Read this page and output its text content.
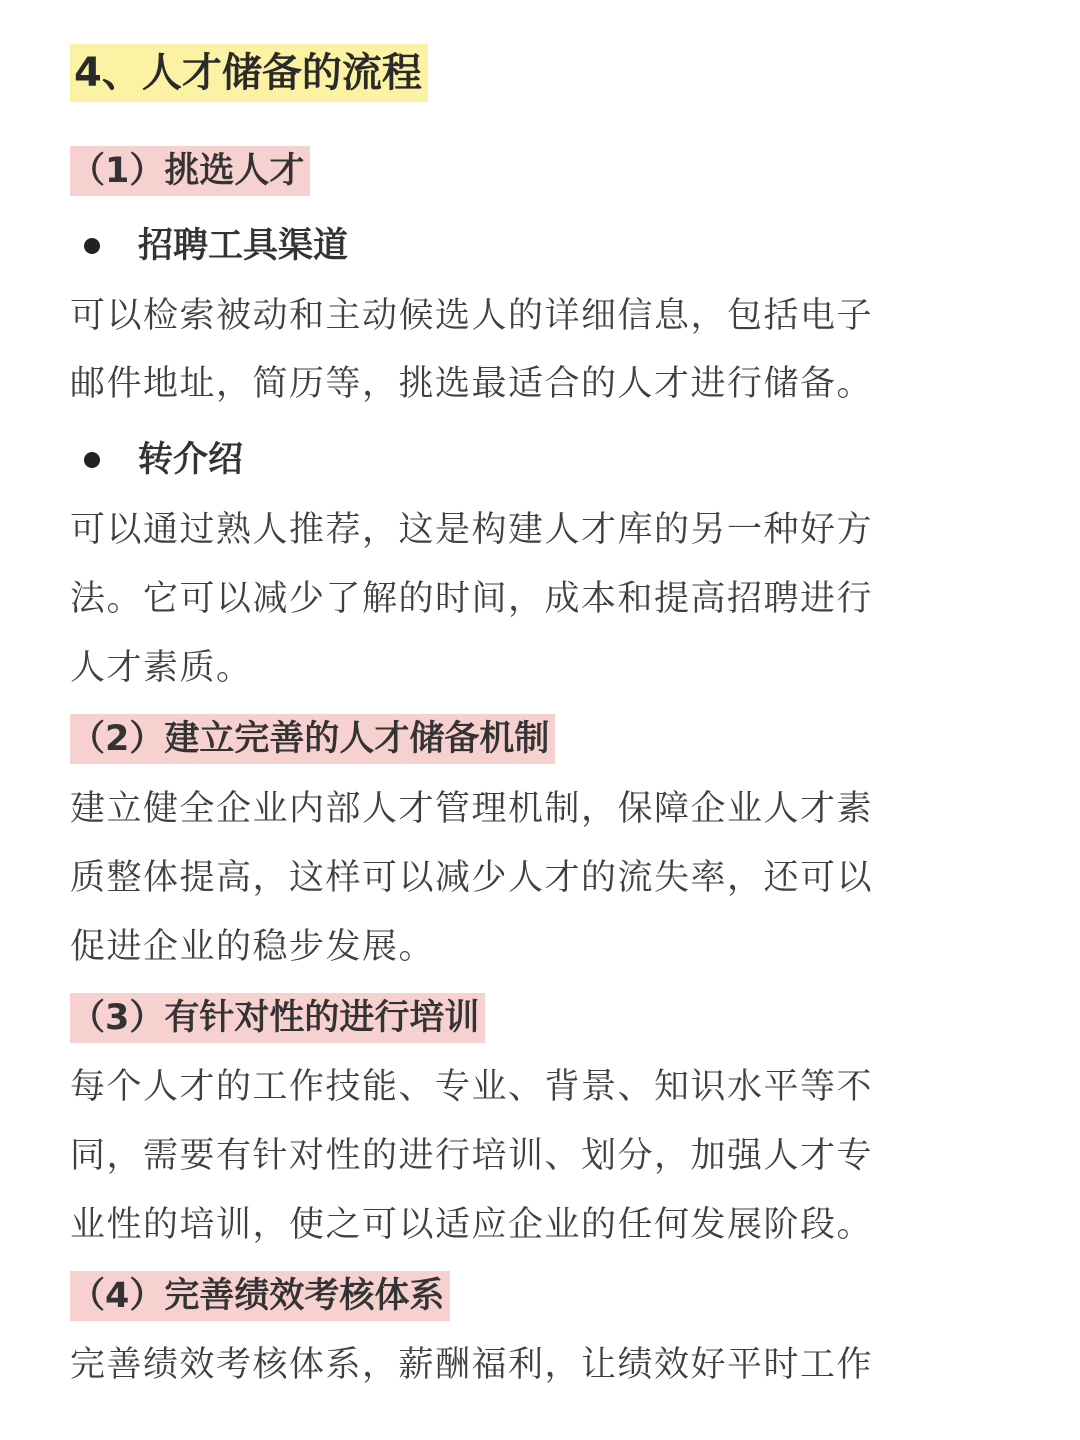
4、人才储备的流程
（1）挑选人才
招聘工具渠道

可以检索被动和主动候选人的详细信息，包括电子

邮件地址，简历等，挑选最适合的人才进行储备。

转介绍

可以通过熟人推荐，这是构建人才库的另一种好方

法。它可以减少了解的时间，成本和提高招聘进行

人才素质。

（2）建立完善的人才储备机制

建立健全企业内部人才管理机制，保障企业人才素

质整体提高，这样可以减少人才的流失率，还可以

促进企业的稳步发展。

（3）有针对性的进行培训

每个人才的工作技能、专业、背景、知识水平等不

同，需要有针对性的进行培训、划分，加强人才专

业性的培训，使之可以适应企业的任何发展阶段。

（4）完善绩效考核体系

完善绩效考核体系，薪酬福利，让绩效好平时工作
